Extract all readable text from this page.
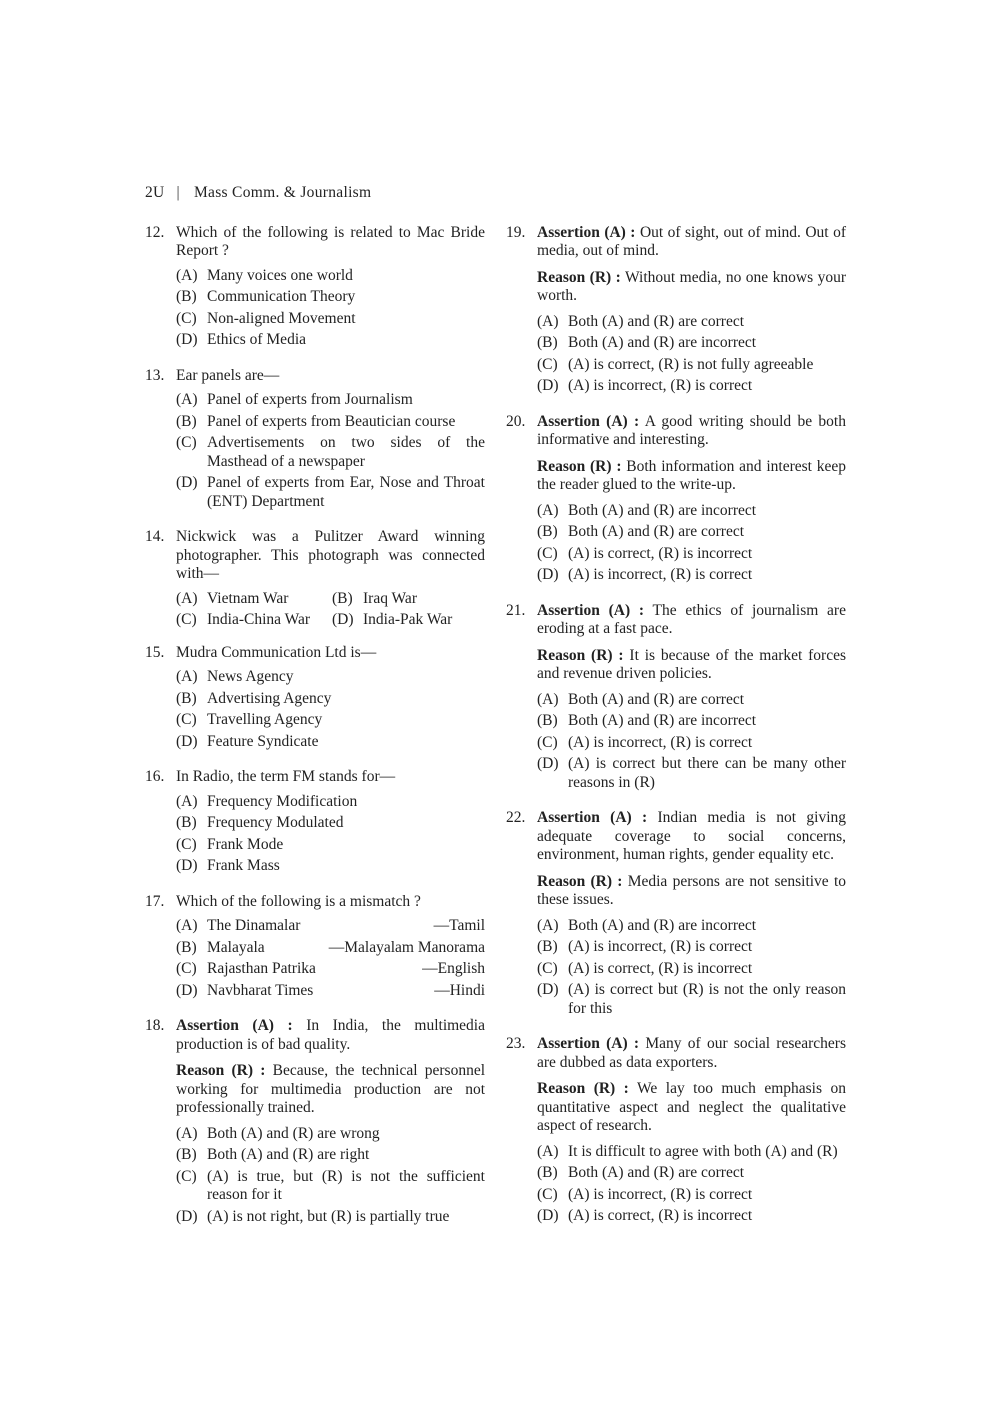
2U | Mass Comm. & Journalism
12. Which of the following is related to Mac Bride Report ?
(A) Many voices one world
(B) Communication Theory
(C) Non-aligned Movement
(D) Ethics of Media
13. Ear panels are—
(A) Panel of experts from Journalism
(B) Panel of experts from Beautician course
(C) Advertisements on two sides of the Masthead of a newspaper
(D) Panel of experts from Ear, Nose and Throat (ENT) Department
14. Nickwick was a Pulitzer Award winning photographer. This photograph was connected with—
(A) Vietnam War	(B) Iraq War
(C) India-China War (D) India-Pak War
15. Mudra Communication Ltd is—
(A) News Agency
(B) Advertising Agency
(C) Travelling Agency
(D) Feature Syndicate
16. In Radio, the term FM stands for—
(A) Frequency Modification
(B) Frequency Modulated
(C) Frank Mode
(D) Frank Mass
17. Which of the following is a mismatch ?
(A) The Dinamalar	—Tamil
(B) Malayala	—Malayalam Manorama
(C) Rajasthan Patrika	—English
(D) Navbharat Times	—Hindi
18. Assertion (A) : In India, the multimedia production is of bad quality.
Reason (R) : Because, the technical personnel working for multimedia production are not professionally trained.
(A) Both (A) and (R) are wrong
(B) Both (A) and (R) are right
(C) (A) is true, but (R) is not the sufficient reason for it
(D) (A) is not right, but (R) is partially true
19. Assertion (A) : Out of sight, out of mind. Out of media, out of mind.
Reason (R) : Without media, no one knows your worth.
(A) Both (A) and (R) are correct
(B) Both (A) and (R) are incorrect
(C) (A) is correct, (R) is not fully agreeable
(D) (A) is incorrect, (R) is correct
20. Assertion (A) : A good writing should be both informative and interesting.
Reason (R) : Both information and interest keep the reader glued to the write-up.
(A) Both (A) and (R) are incorrect
(B) Both (A) and (R) are correct
(C) (A) is correct, (R) is incorrect
(D) (A) is incorrect, (R) is correct
21. Assertion (A) : The ethics of journalism are eroding at a fast pace.
Reason (R) : It is because of the market forces and revenue driven policies.
(A) Both (A) and (R) are correct
(B) Both (A) and (R) are incorrect
(C) (A) is incorrect, (R) is correct
(D) (A) is correct but there can be many other reasons in (R)
22. Assertion (A) : Indian media is not giving adequate coverage to social concerns, environment, human rights, gender equality etc.
Reason (R) : Media persons are not sensitive to these issues.
(A) Both (A) and (R) are incorrect
(B) (A) is incorrect, (R) is correct
(C) (A) is correct, (R) is incorrect
(D) (A) is correct but (R) is not the only reason for this
23. Assertion (A) : Many of our social researchers are dubbed as data exporters.
Reason (R) : We lay too much emphasis on quantitative aspect and neglect the qualitative aspect of research.
(A) It is difficult to agree with both (A) and (R)
(B) Both (A) and (R) are correct
(C) (A) is incorrect, (R) is correct
(D) (A) is correct, (R) is incorrect
